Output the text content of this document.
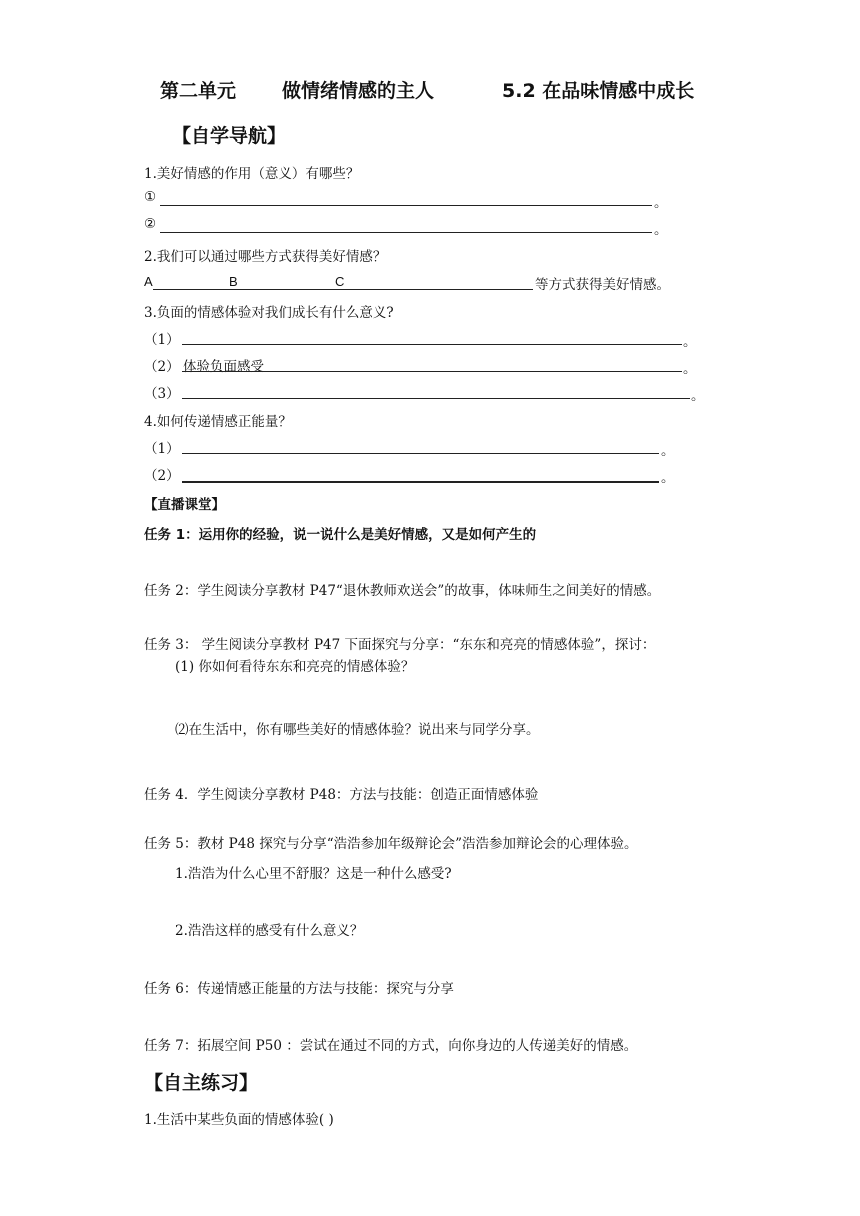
第二单元 做情绪情感的主人	5.2 在品味情感中成长
【自学导航】
1.美好情感的作用（意义）有哪些？
①	。
②	。
2.我们可以通过哪些方式获得美好情感？
A	B	C	等方式获得美好情感。
3.负面的情感体验对我们成长有什么意义?
（1）	。
（2） 体验负面感受	。
（3）	。
4.如何传递情感正能量？
（1）	。
（2）	。
【直播课堂】
任务 1：运用你的经验，说一说什么是美好情感，又是如何产生的
任务 2：学生阅读分享教材 P47“退休教师欢送会”的故事，体味师生之间美好的情感。
任务 3： 学生阅读分享教材 P47 下面探究与分享：“东东和亮亮的情感体验”，探讨：
(1) 你如何看待东东和亮亮的情感体验？
⑵在生活中，你有哪些美好的情感体验？说出来与同学分享。
任务 4．学生阅读分享教材 P48：方法与技能：创造正面情感体验
任务 5：教材 P48 探究与分享“浩浩参加年级辩论会”浩浩参加辩论会的心理体验。
1.浩浩为什么心里不舒服？这是一种什么感受?
2.浩浩这样的感受有什么意义？
任务 6：传递情感正能量的方法与技能：探究与分享
任务 7：拓展空间 P50 ：尝试在通过不同的方式，向你身边的人传递美好的情感。
【自主练习】
1.生活中某些负面的情感体验( )
